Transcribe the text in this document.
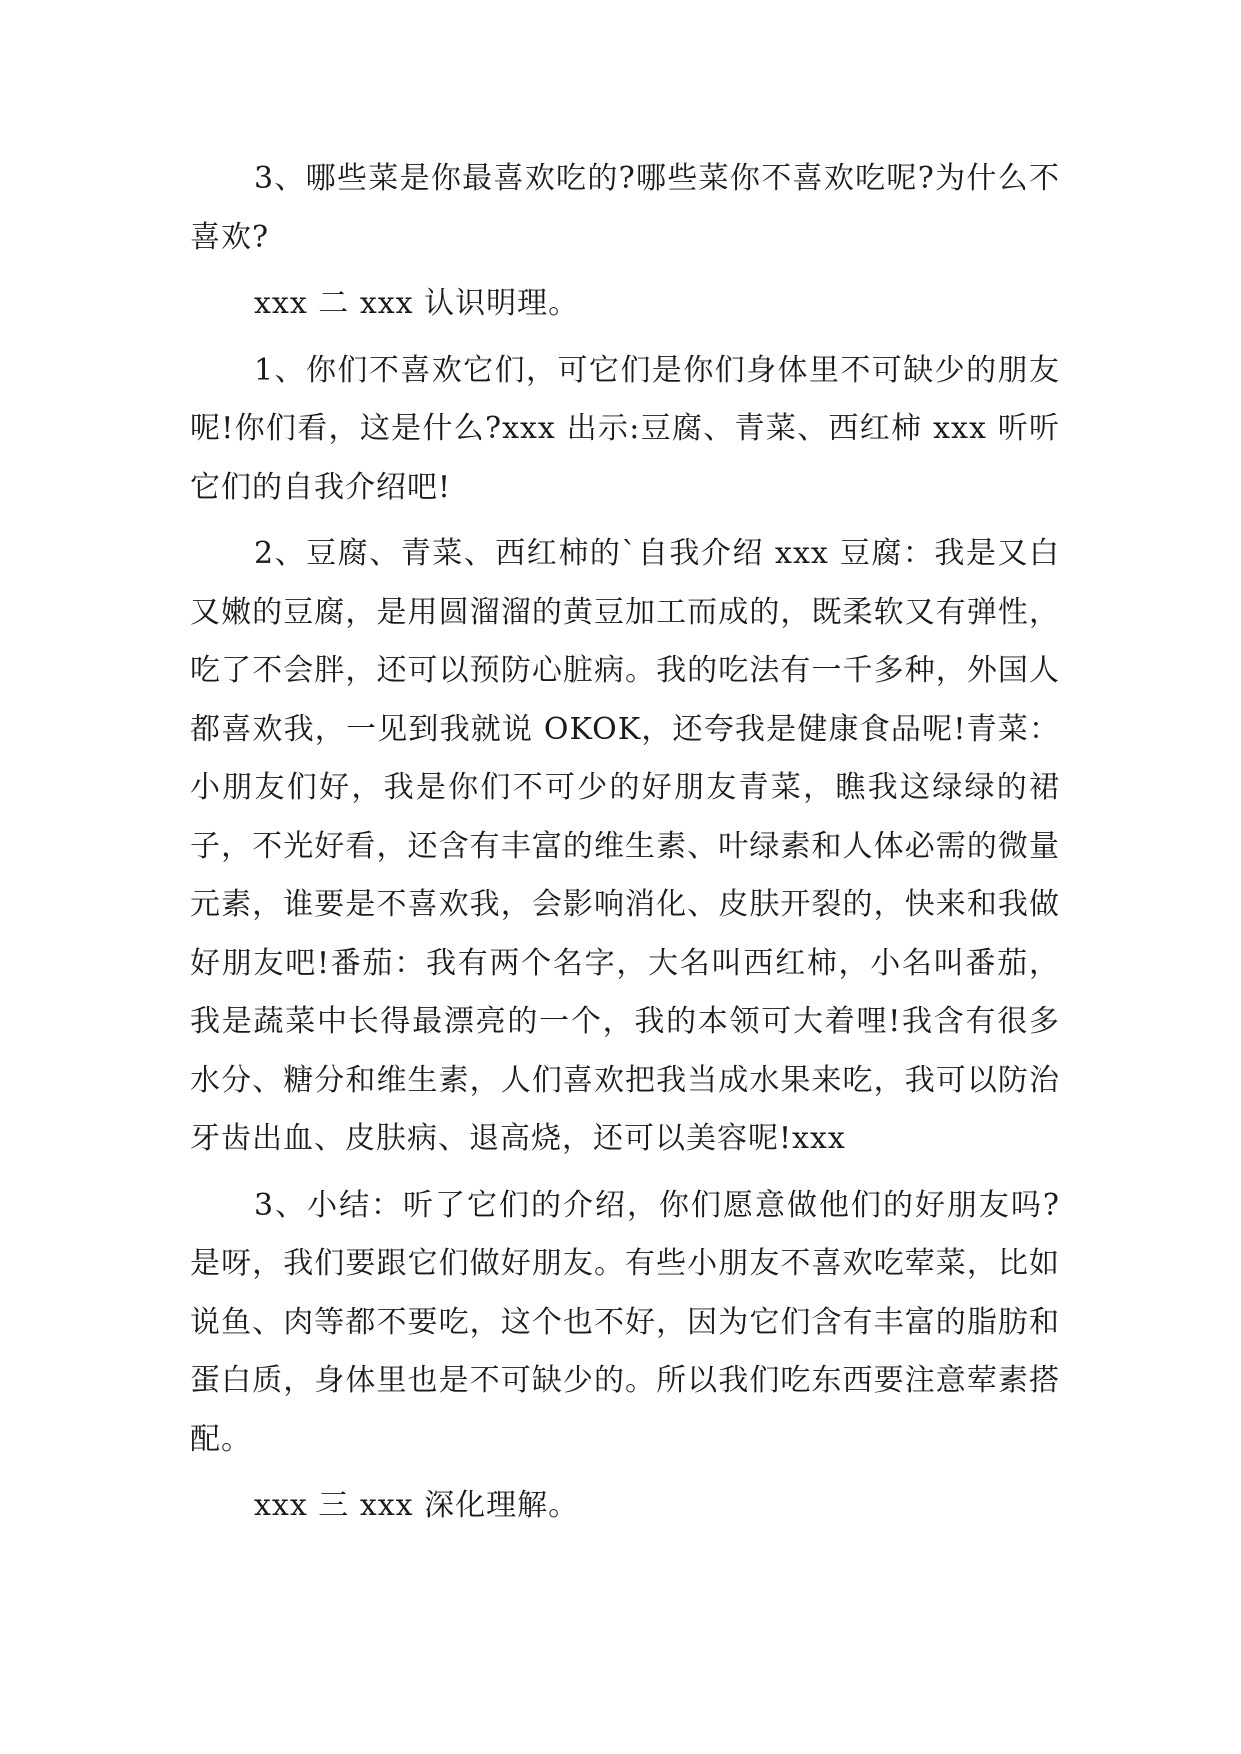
3、哪些菜是你最喜欢吃的?哪些菜你不喜欢吃呢?为什么不喜欢?

xxx 二 xxx 认识明理。

1、你们不喜欢它们，可它们是你们身体里不可缺少的朋友呢!你们看，这是什么?xxx 出示:豆腐、青菜、西红柿 xxx 听听它们的自我介绍吧!

2、豆腐、青菜、西红柿的`自我介绍 xxx 豆腐：我是又白又嫩的豆腐，是用圆溜溜的黄豆加工而成的，既柔软又有弹性，吃了不会胖，还可以预防心脏病。我的吃法有一千多种，外国人都喜欢我，一见到我就说 OKOK，还夸我是健康食品呢!青菜：小朋友们好，我是你们不可少的好朋友青菜，瞧我这绿绿的裙子，不光好看，还含有丰富的维生素、叶绿素和人体必需的微量元素，谁要是不喜欢我，会影响消化、皮肤开裂的，快来和我做好朋友吧!番茄：我有两个名字，大名叫西红柿，小名叫番茄，我是蔬菜中长得最漂亮的一个，我的本领可大着哩!我含有很多水分、糖分和维生素，人们喜欢把我当成水果来吃，我可以防治牙齿出血、皮肤病、退高烧，还可以美容呢!xxx

3、小结：听了它们的介绍，你们愿意做他们的好朋友吗?是呀，我们要跟它们做好朋友。有些小朋友不喜欢吃荤菜，比如说鱼、肉等都不要吃，这个也不好，因为它们含有丰富的脂肪和蛋白质，身体里也是不可缺少的。所以我们吃东西要注意荤素搭配。

xxx 三 xxx 深化理解。
